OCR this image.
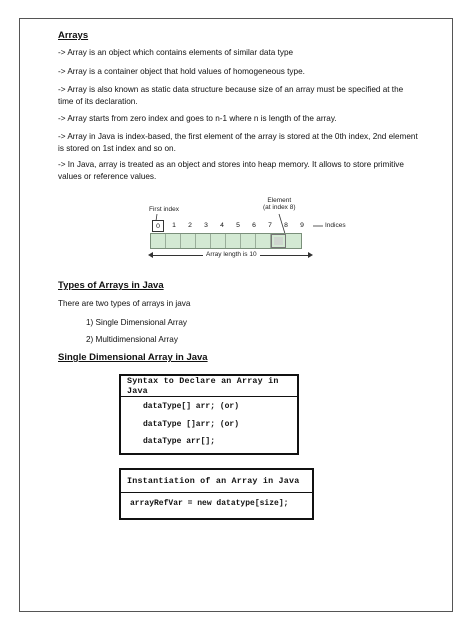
Arrays
-> Array is an object which contains elements of similar data type
-> Array is a container object that hold values of homogeneous type.
-> Array is also known as static data structure because size of an array must be specified at the time of its declaration.
-> Array starts from zero index and goes to n-1 where n is length of the array.
-> Array in Java is index-based, the first element of the array is stored at the 0th index, 2nd element is stored on 1st index and so on.
-> In Java, array is treated as an object and stores into heap memory. It allows to store primitive values or reference values.
First index
Element
(at index 8)
0	1	2	3	4	5	6	7	8	9	Indices
Array length is 10
Types of Arrays in Java
There are two types of arrays in java
1) Single Dimensional Array
2) Multidimensional Array
Single Dimensional Array in Java
Syntax to Declare an Array in Java
dataType[] arr; (or)
dataType []arr; (or)
dataType arr[];
Instantiation of an Array in Java
arrayRefVar = new datatype[size];
